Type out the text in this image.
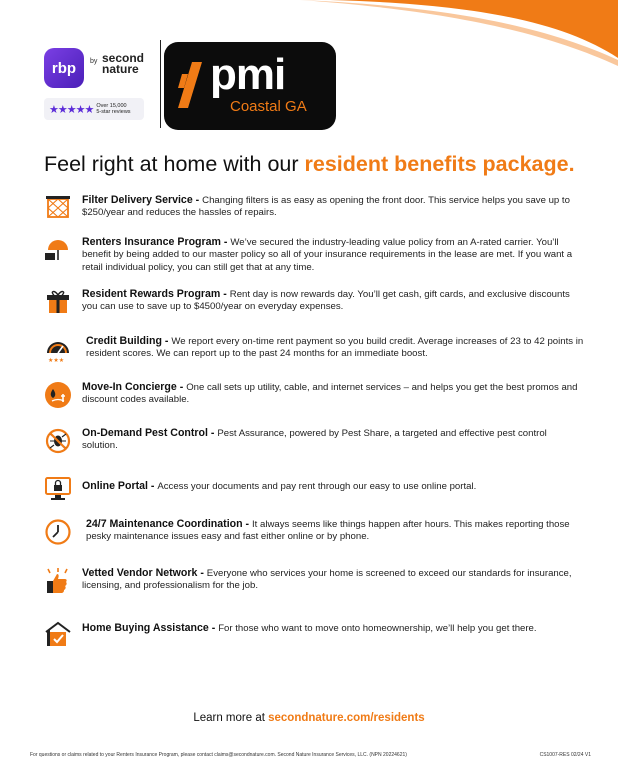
rbp by second nature
★★★★★ Over 15,000
5-star reviews
pmi
Coastal GA
Feel right at home with our resident benefits package.
Filter Delivery Service - Changing filters is as easy as opening the front door. This service helps you save up to $250/year and reduces the hassles of repairs.
Renters Insurance Program - We’ve secured the industry-leading value policy from an A-rated carrier. You’ll benefit by being added to our master policy so all of your insurance requirements in the lease are met. If you want a retail individual policy, you can still get that at any time.
Resident Rewards Program - Rent day is now rewards day. You’ll get cash, gift cards, and exclusive discounts you can use to save up to $4500/year on everyday expenses.
★★★
Credit Building - We report every on-time rent payment so you build credit. Average increases of 23 to 42 points in resident scores. We can report up to the past 24 months for an immediate boost.
Move-In Concierge - One call sets up utility, cable, and internet services – and helps you get the best promos and discount codes available.
On-Demand Pest Control - Pest Assurance, powered by Pest Share, a targeted and effective pest control solution.
Online Portal - Access your documents and pay rent through our easy to use online portal.
24/7 Maintenance Coordination - It always seems like things happen after hours. This makes reporting those pesky maintenance issues easy and fast either online or by phone.
Vetted Vendor Network - Everyone who services your home is screened to exceed our standards for insurance, licensing, and professionalism for the job.
Home Buying Assistance - For those who want to move onto homeownership, we’ll help you get there.
Learn more at secondnature.com/residents
For questions or claims related to your Renters Insurance Program, please contact claims@secondnature.com. Second Nature Insurance Services, LLC. (NPN 20224621)	CS1007-RES 02/24 V1
